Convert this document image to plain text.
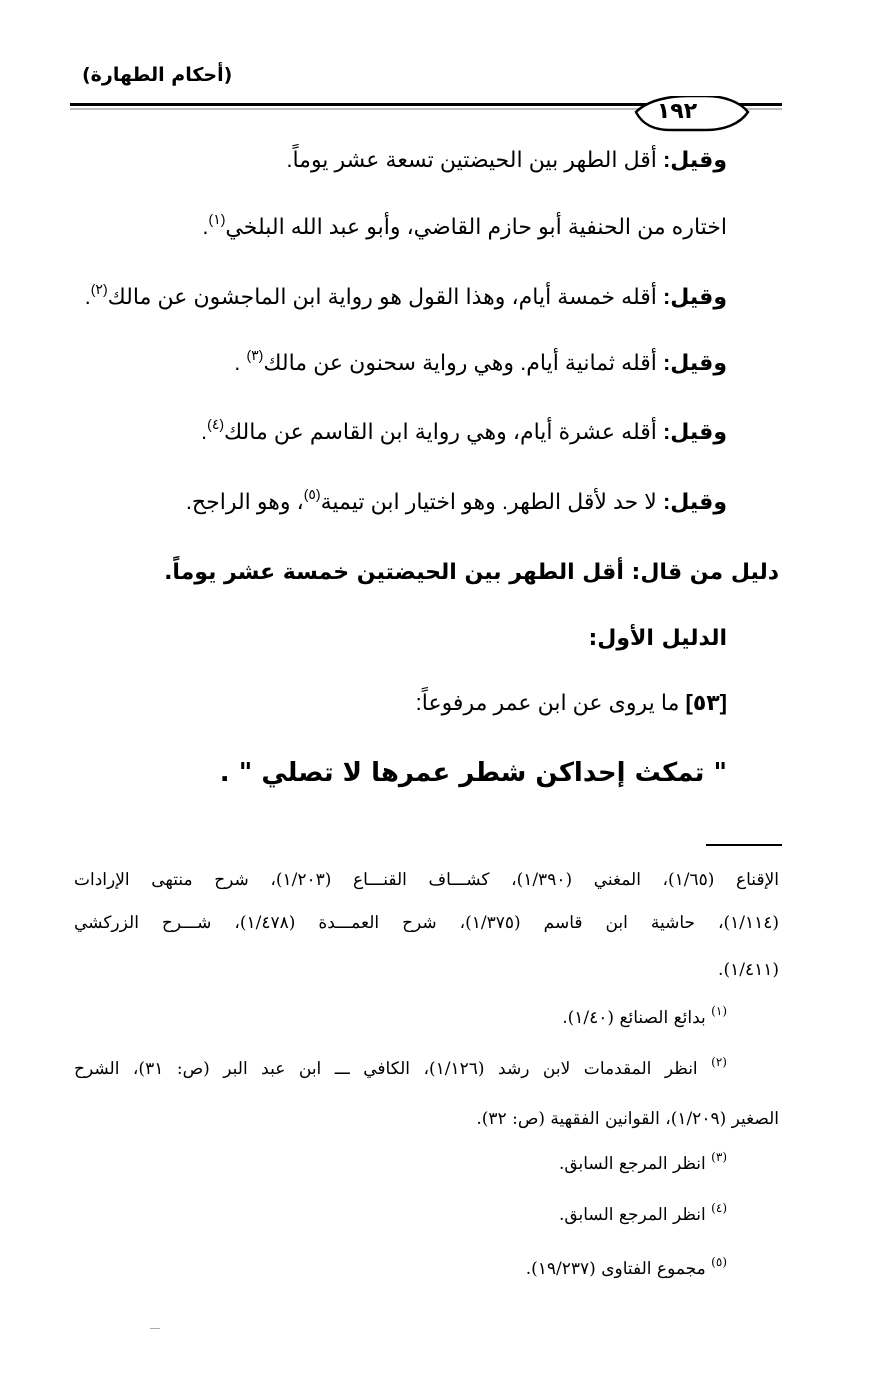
(أحكام الطهارة)
١٩٢
وقيل: أقل الطهر بين الحيضتين تسعة عشر يوماً.
اختاره من الحنفية أبو حازم القاضي، وأبو عبد الله البلخي$^{(١)}$.
وقيل: أقله خمسة أيام، وهذا القول هو رواية ابن الماجشون عن مالك$^{(٢)}$.
وقيل: أقله ثمانية أيام. وهي رواية سحنون عن مالك$^{(٣)}$ .
وقيل: أقله عشرة أيام، وهي رواية ابن القاسم عن مالك$^{(٤)}$.
وقيل: لا حد لأقل الطهر. وهو اختيار ابن تيمية$^{(٥)}$، وهو الراجح.
دليل من قال: أقل الطهر بين الحيضتين خمسة عشر يوماً.
الدليل الأول:
[٥٣] ما يروى عن ابن عمر مرفوعاً:
" تمكث إحداكن شطر عمرها لا تصلي " .
الإقناع (١/٦٥)، المغني (١/٣٩٠)، كشـــاف القنـــاع (١/٢٠٣)، شرح منتهى الإرادات
(١/١١٤)، حاشية ابن قاسم (١/٣٧٥)، شرح العمـــدة (١/٤٧٨)، شـــرح الزركشي
(١/٤١١).
$^{(١)}$ بدائع الصنائع (١/٤٠).
$^{(٢)}$ انظر المقدمات لابن رشد (١/١٢٦)، الكافي ـــ ابن عبد البر (ص: ٣١)، الشرح
الصغير (١/٢٠٩)، القوانين الفقهية (ص: ٣٢).
$^{(٣)}$ انظر المرجع السابق.
$^{(٤)}$ انظر المرجع السابق.
$^{(٥)}$ مجموع الفتاوى (١٩/٢٣٧).
